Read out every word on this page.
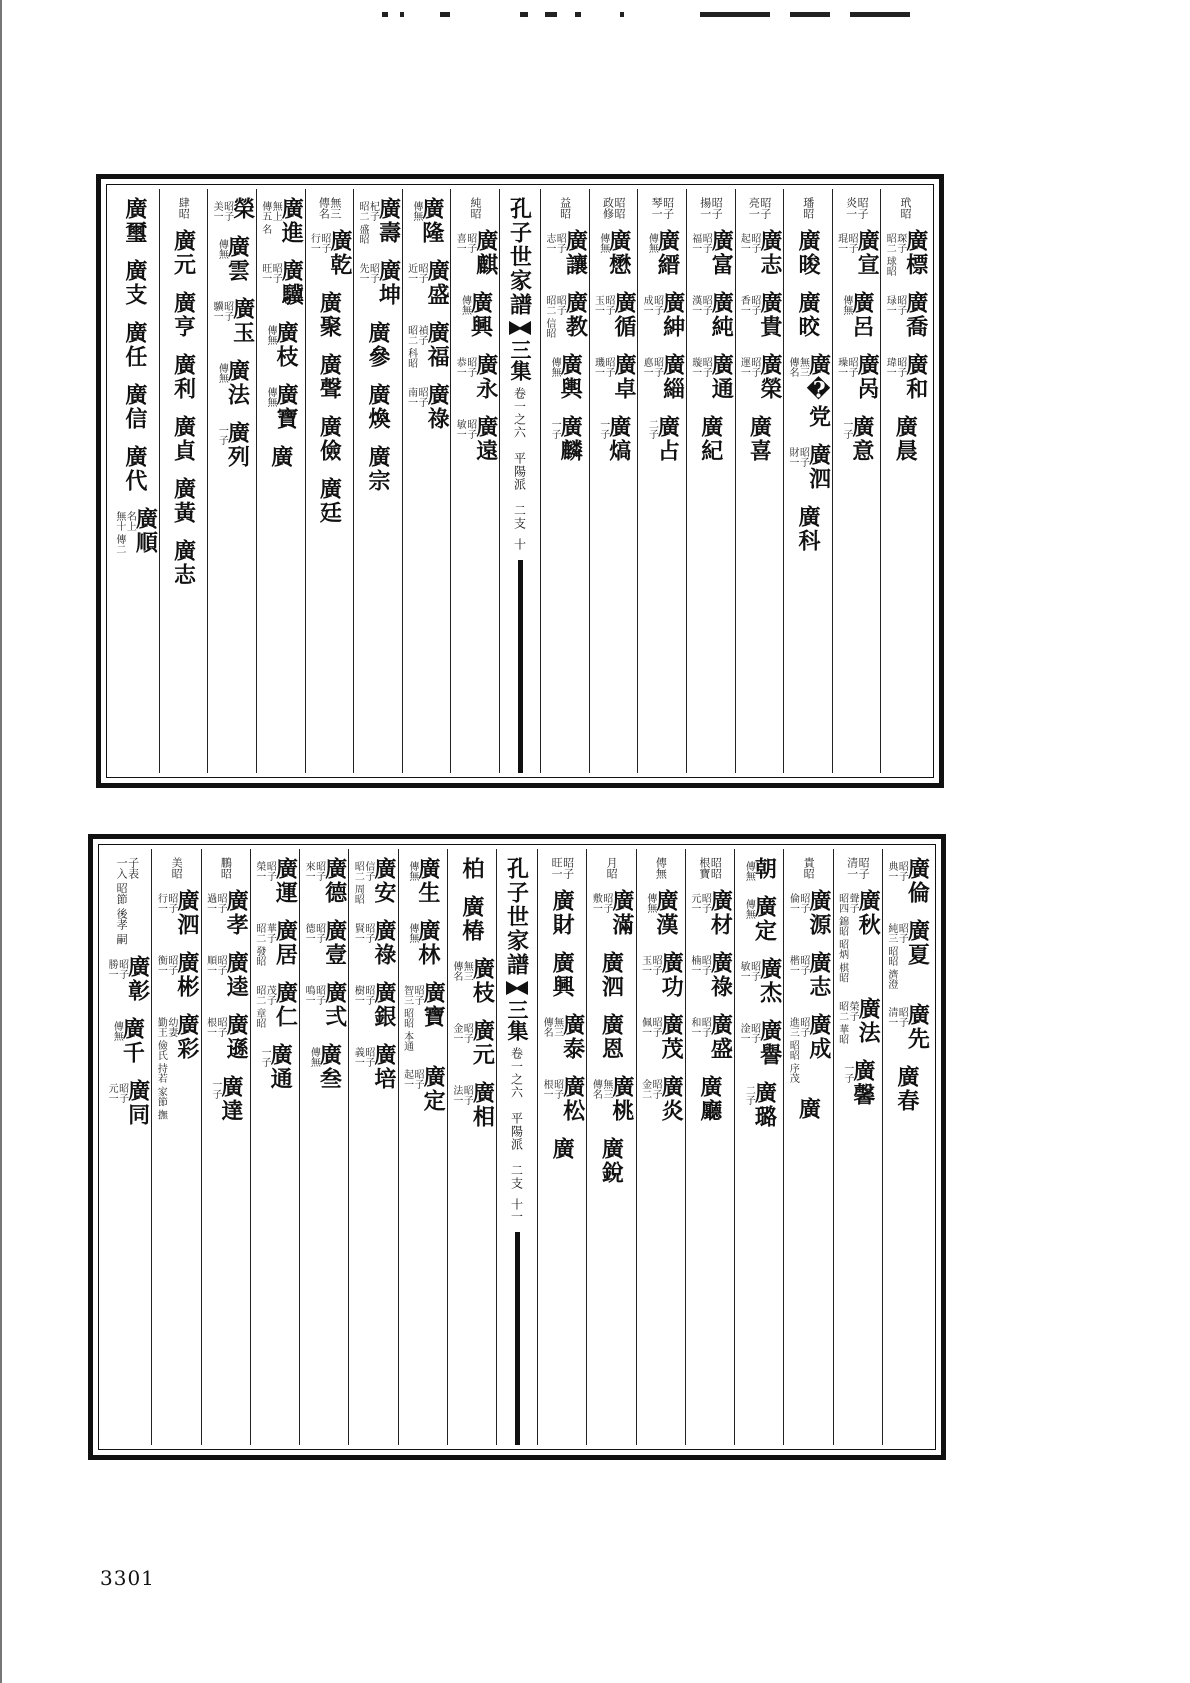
玳昭
廣標
琛子
昭二 球昭
廣喬
昭子
琭一
廣和
昭子
瑋一
廣晨
昭子
炎一
廣宣
昭子
琨一
廣呂
傳無
廣呙
昭子
璪一
廣意
一子
璠昭
廣晙
廣晈
廣�党
無三
傳名
廣泗
昭子
財一
廣科
昭子
亮一
廣志
昭子
起一
廣貴
昭子
香一
廣榮
昭子
運一
廣喜
昭子
揚一
廣富
昭子
福一
廣純
昭子
漢一
廣通
昭子
璇一
廣紀
昭子
琴一
廣縉
傳無
廣紳
昭子
成一
廣緇
昭子
悳一
廣占
二子
昭昭
政修
廣懋
傳無
廣循
昭子
玉一
廣卓
昭子
璣一
廣熇
一子
益昭
廣讓
昭子
志一
廣教
昭子
昭二 信昭
廣輿
傳無
廣麟
一子
孔子世家譜
三集
卷一之六　平陽派　二支
十
純昭
廣麒
昭子
喜一
廣興
傳無
廣永
昭子
恭一
廣遠
昭子
敏一
廣隆
傳無
廣盛
昭子
近一
廣福
禎子
昭二 科昭
廣祿
昭子
南一
廣壽
杞子
昭二 盛昭
廣坤
昭子
先一
廣參
廣煥
廣宗
無三
傳名
廣乾
昭子
行一
廣聚
廣聲
廣儉
廣廷
廣進
無上
傳五 名
廣驥
昭子
旺一
廣枝
傳無
廣寶
傳無
廣
榮
昭子
美一
廣雲
傳無
廣玉
昭子
驥一
廣法
傳無
廣列
一子
肆昭
廣元
廣亨
廣利
廣貞
廣黃
廣志
廣璽
廣支
廣任
廣信
廣代
廣順
名上
無十 傳二
廣倫
昭子
典一
廣夏
昭子
純三 昭昭 濟澄
廣先
昭子
清一
廣春
昭子
清一
廣秋
聲子
昭四 錦昭 昭炳 棋昭
廣法
榮子
昭二 華昭
廣馨
一子
貴昭
廣源
昭子
倫一
廣志
昭子
楷一
廣成
昭子
進三 昭昭 序茂
廣
朝
傳無
廣定
傳無
廣杰
昭子
敏一
廣譽
昭子
淦一
廣璐
二子
昭昭
根寶
廣材
昭子
元一
廣祿
昭子
楠一
廣盛
昭子
和一
廣廳
傳無
廣漢
傳無
廣功
昭子
玉一
廣茂
昭子
佩一
廣炎
昭子
金二
月昭
廣滿
昭子
敷一
廣泗
廣恩
廣桃
無三
傳名
廣銳
昭子
旺一
廣財
廣興
廣泰
無三
傳名
廣松
昭子
根一
廣
孔子世家譜
三集
卷一之六　平陽派　二支
十一
柏
廣椿
廣枝
無三
傳名
廣元
昭子
金一
廣相
昭子
法一
廣生
傳無
廣林
傳無
廣寶
昭子
智三 昭昭 本通
廣定
昭子
起一
廣安
信子
昭二 周昭
廣祿
昭子
賢一
廣銀
昭子
樹一
廣培
昭子
義一
廣德
昭子
來一
廣壹
昭子
德一
廣弍
昭子
鳴一
廣叁
傳無
廣運
昭子
榮一
廣居
華子
昭二 發昭
廣仁
茂子
昭二 章昭
廣通
一子
鵬昭
廣孝
昭子
過一
廣逵
昭子
順一
廣遜
昭子
根一
廣達
一子
美昭
廣泗
昭子
行一
廣彬
昭子
衡一
廣彩
幼妻
勤王 儉氏 持若 家節 撫
子表
一入 昭節 後孝 嗣
廣彰
昭子
勝一
廣千
傳無
廣同
昭子
元一
3301
